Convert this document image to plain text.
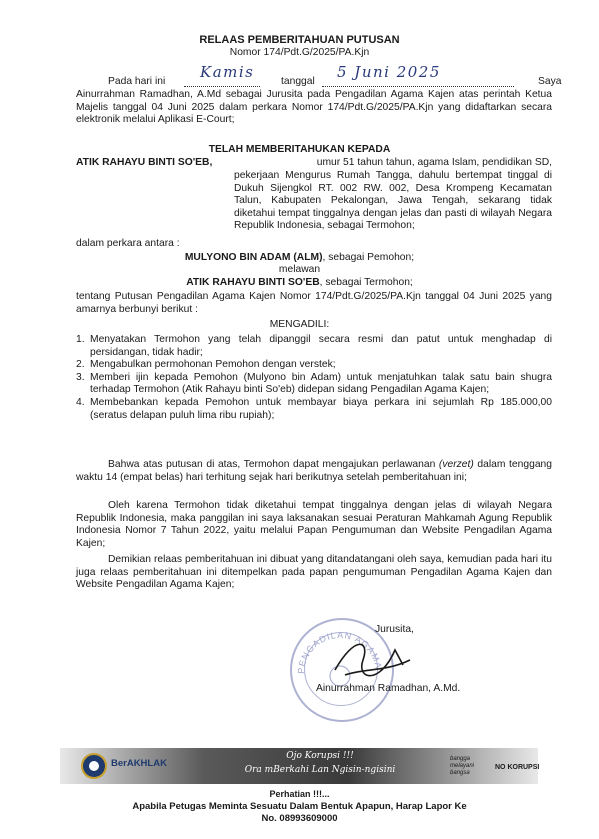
RELAAS PEMBERITAHUAN PUTUSAN
Nomor 174/Pdt.G/2025/PA.Kjn
Pada hari ini
Kamis
tanggal
5 Juni 2025
Saya
Ainurrahman Ramadhan, A.Md sebagai Jurusita pada Pengadilan Agama Kajen atas perintah Ketua Majelis tanggal 04 Juni 2025 dalam perkara Nomor 174/Pdt.G/2025/PA.Kjn yang didaftarkan secara elektronik melalui Aplikasi E-Court;
TELAH MEMBERITAHUKAN KEPADA
ATIK RAHAYU BINTI SO'EB,	umur 51 tahun tahun, agama Islam, pendidikan SD,
pekerjaan Mengurus Rumah Tangga, dahulu bertempat tinggal di Dukuh Sijengkol RT. 002 RW. 002, Desa Krompeng Kecamatan Talun, Kabupaten Pekalongan, Jawa Tengah, sekarang tidak diketahui tempat tinggalnya dengan jelas dan pasti di wilayah Negara Republik Indonesia, sebagai Termohon;
dalam perkara antara :
MULYONO BIN ADAM (ALM), sebagai Pemohon;
melawan
ATIK RAHAYU BINTI SO'EB, sebagai Termohon;
tentang Putusan Pengadilan Agama Kajen Nomor 174/Pdt.G/2025/PA.Kjn tanggal 04 Juni 2025 yang amarnya berbunyi berikut :
MENGADILI:
1. Menyatakan Termohon yang telah dipanggil secara resmi dan patut untuk menghadap di persidangan, tidak hadir;
2. Mengabulkan permohonan Pemohon dengan verstek;
3. Memberi ijin kepada Pemohon (Mulyono bin Adam) untuk menjatuhkan talak satu bain shugra terhadap Termohon (Atik Rahayu binti So'eb) didepan sidang Pengadilan Agama Kajen;
4. Membebankan kepada Pemohon untuk membayar biaya perkara ini sejumlah Rp 185.000,00 (seratus delapan puluh lima ribu rupiah);
Bahwa atas putusan di atas, Termohon dapat mengajukan perlawanan (verzet) dalam tenggang waktu 14 (empat belas) hari terhitung sejak hari berikutnya setelah pemberitahuan ini;
Oleh karena Termohon tidak diketahui tempat tinggalnya dengan jelas di wilayah Negara Republik Indonesia, maka panggilan ini saya laksanakan sesuai Peraturan Mahkamah Agung Republik Indonesia Nomor 7 Tahun 2022, yaitu melalui Papan Pengumuman dan Website Pengadilan Agama Kajen;
Demikian relaas pemberitahuan ini dibuat yang ditandatangani oleh saya, kemudian pada hari itu juga relaas pemberitahuan ini ditempelkan pada papan pengumuman Pengadilan Agama Kajen dan Website Pengadilan Agama Kajen;
PENGADILAN AGAMA
Jurusita,
Ainurrahman Ramadhan, A.Md.
BerAKHLAK
Ojo Korupsi !!!
Ora mBerkahi Lan Ngisin-ngisini
bangga melayani bangsa
NO KORUPSI
Perhatian !!!...
Apabila Petugas Meminta Sesuatu Dalam Bentuk Apapun, Harap Lapor Ke
No. 08993609000
